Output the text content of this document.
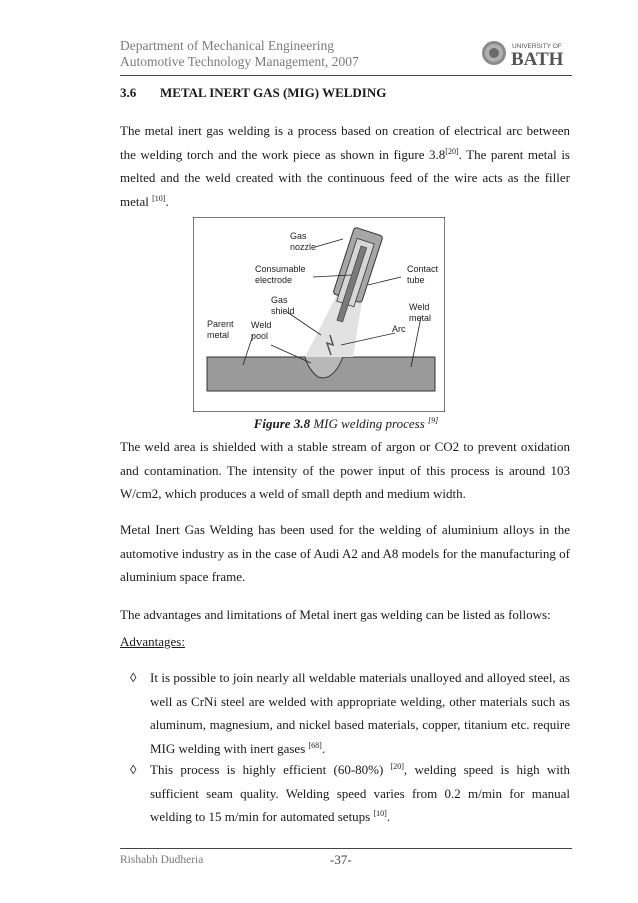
Department of Mechanical Engineering
Automotive Technology Management, 2007
UNIVERSITY OF
BATH
3.6 METAL INERT GAS (MIG) WELDING
The metal inert gas welding is a process based on creation of electrical arc between the welding torch and the work piece as shown in figure 3.8[20]. The parent metal is melted and the weld created with the continuous feed of the wire acts as the filler metal [10].
Gas
nozzle
Consumable
electrode
Contact
tube
Gas
shield	Weld
metal
Parent
metal
Weld
pool
Arc
Figure 3.8 MIG welding process [9]
The weld area is shielded with a stable stream of argon or CO2 to prevent oxidation and contamination. The intensity of the power input of this process is around 103 W/cm2, which produces a weld of small depth and medium width.
Metal Inert Gas Welding has been used for the welding of aluminium alloys in the automotive industry as in the case of Audi A2 and A8 models for the manufacturing of aluminium space frame.
The advantages and limitations of Metal inert gas welding can be listed as follows:
Advantages:
◊	It is possible to join nearly all weldable materials unalloyed and alloyed steel, as well as CrNi steel are welded with appropriate welding, other materials such as aluminum, magnesium, and nickel based materials, copper, titanium etc. require MIG welding with inert gases [68].
◊	This process is highly efficient (60-80%) [20], welding speed is high with sufficient seam quality. Welding speed varies from 0.2 m/min for manual welding to 15 m/min for automated setups [10].
Rishabh Dudheria	-37-
